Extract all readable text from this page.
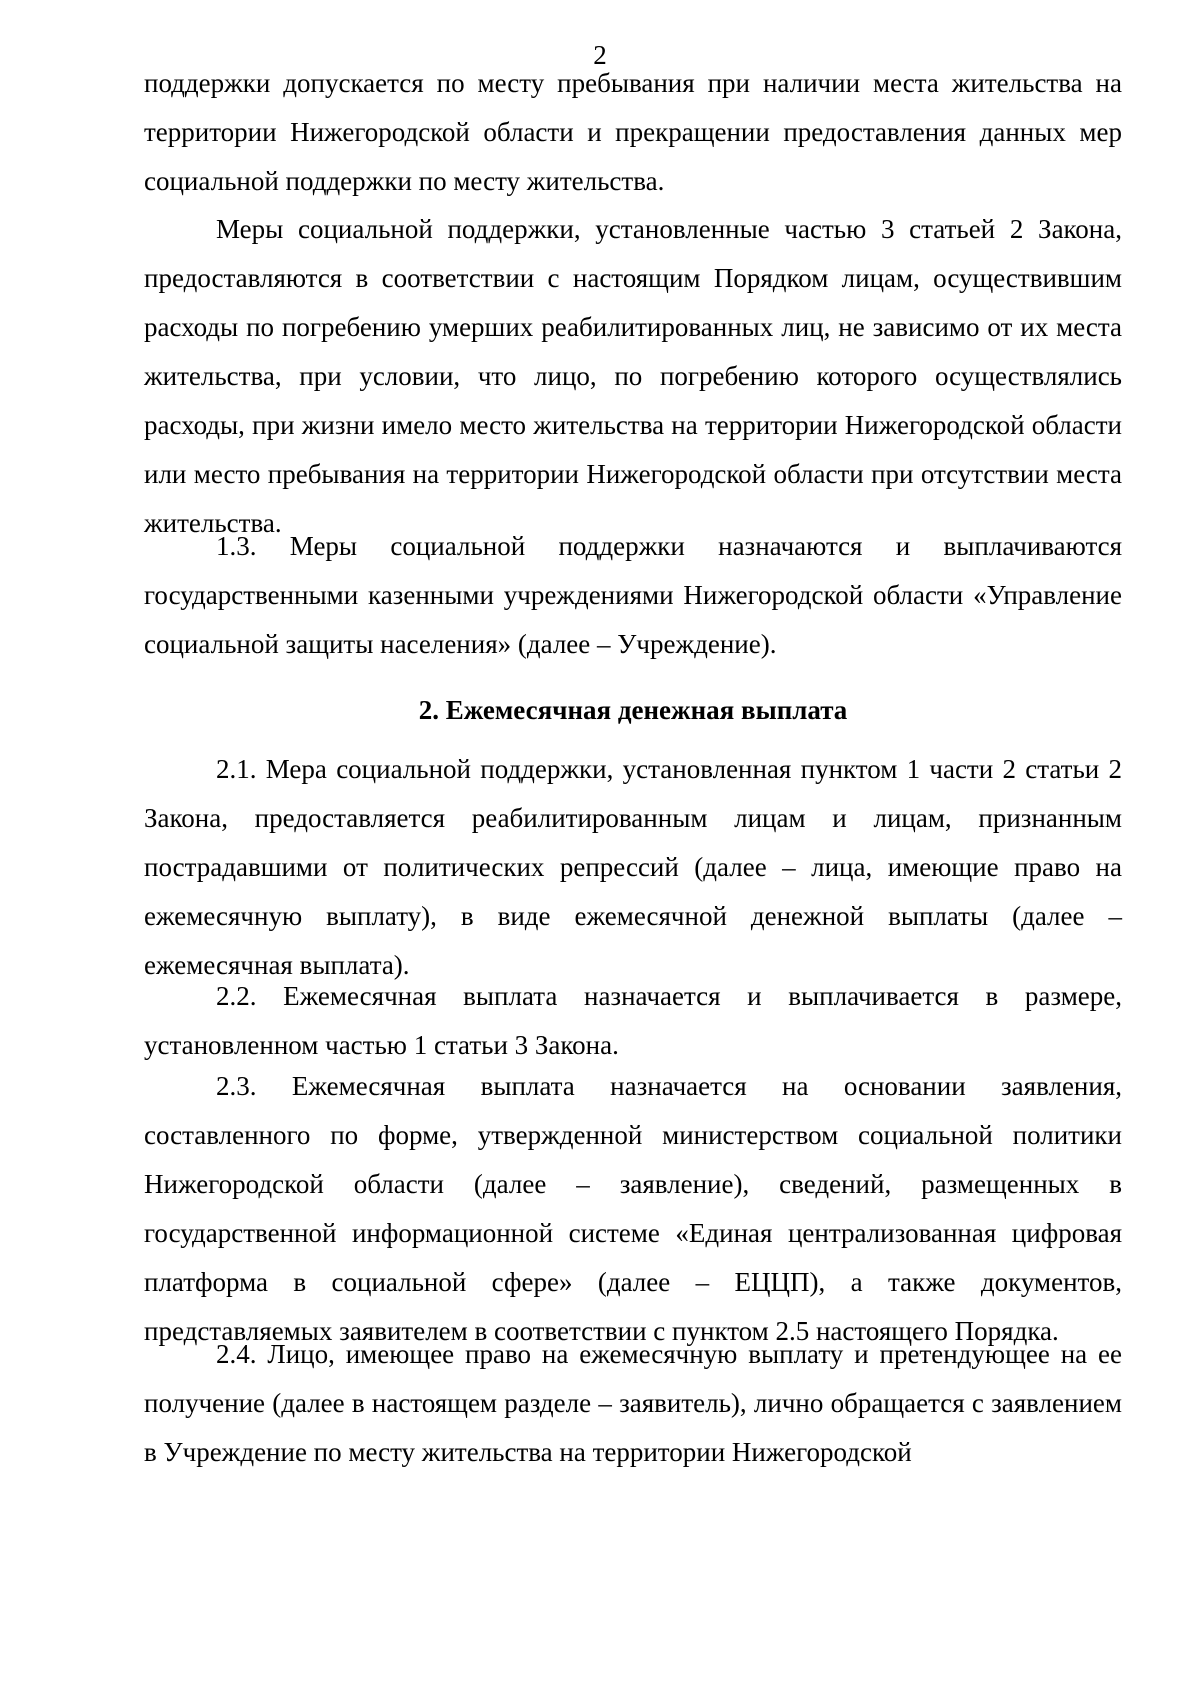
2

поддержки допускается по месту пребывания при наличии места жительства на территории Нижегородской области и прекращении предоставления данных мер социальной поддержки по месту жительства.

Меры социальной поддержки, установленные частью 3 статьей 2 Закона, предоставляются в соответствии с настоящим Порядком лицам, осуществившим расходы по погребению умерших реабилитированных лиц, не зависимо от их места жительства, при условии, что лицо, по погребению которого осуществлялись расходы, при жизни имело место жительства на территории Нижегородской области или место пребывания на территории Нижегородской области при отсутствии места жительства.

1.3. Меры социальной поддержки назначаются и выплачиваются государственными казенными учреждениями Нижегородской области «Управление социальной защиты населения» (далее – Учреждение).

2. Ежемесячная денежная выплата

2.1. Мера социальной поддержки, установленная пунктом 1 части 2 статьи 2 Закона, предоставляется реабилитированным лицам и лицам, признанным пострадавшими от политических репрессий (далее – лица, имеющие право на ежемесячную выплату), в виде ежемесячной денежной выплаты (далее – ежемесячная выплата).

2.2. Ежемесячная выплата назначается и выплачивается в размере, установленном частью 1 статьи 3 Закона.

2.3. Ежемесячная выплата назначается на основании заявления, составленного по форме, утвержденной министерством социальной политики Нижегородской области (далее – заявление), сведений, размещенных в государственной информационной системе «Единая централизованная цифровая платформа в социальной сфере» (далее – ЕЦЦП), а также документов, представляемых заявителем в соответствии с пунктом 2.5 настоящего Порядка.

2.4. Лицо, имеющее право на ежемесячную выплату и претендующее на ее получение (далее в настоящем разделе – заявитель), лично обращается с заявлением в Учреждение по месту жительства на территории Нижегородской
